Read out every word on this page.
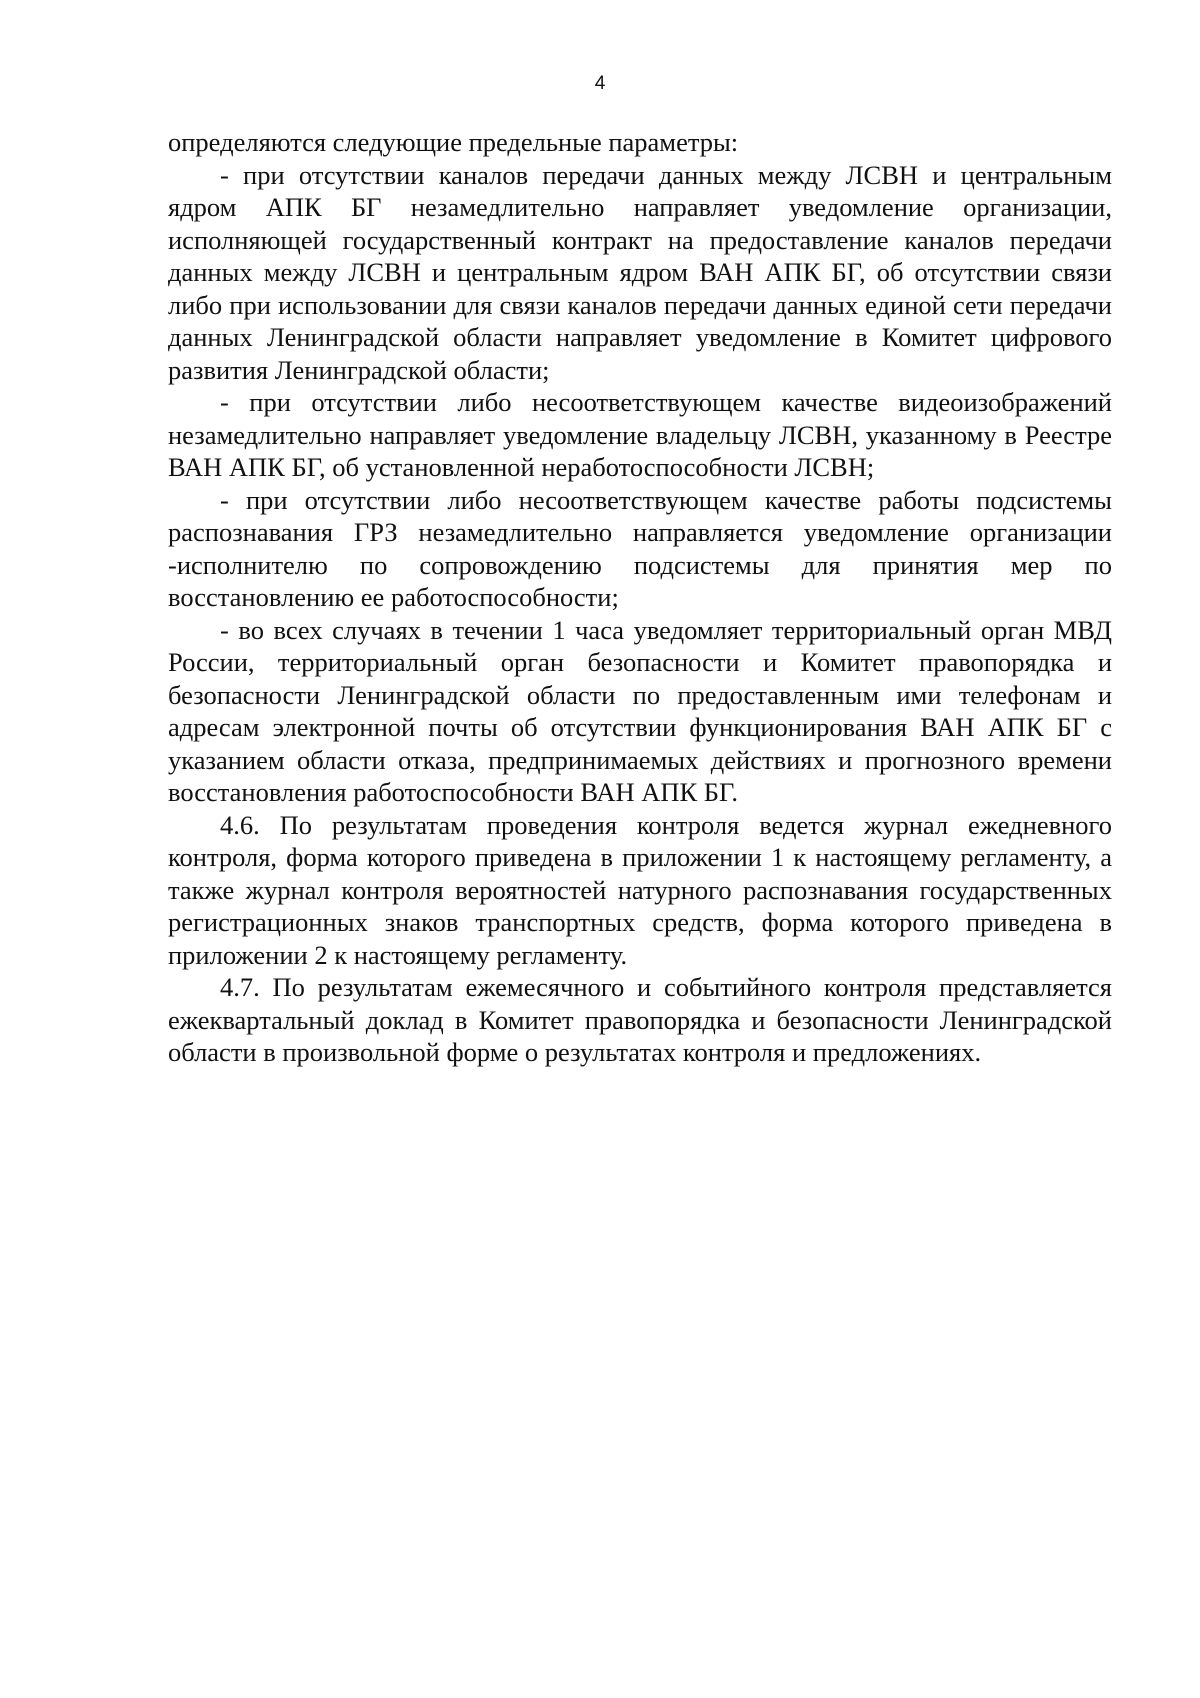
4

определяются следующие предельные параметры:

- при отсутствии каналов передачи данных между ЛСВН и центральным ядром АПК БГ незамедлительно направляет уведомление организации, исполняющей государственный контракт на предоставление каналов передачи данных между ЛСВН и центральным ядром ВАН АПК БГ, об отсутствии связи либо при использовании для связи каналов передачи данных единой сети передачи данных Ленинградской области направляет уведомление в Комитет цифрового развития Ленинградской области;

- при отсутствии либо несоответствующем качестве видеоизображений незамедлительно направляет уведомление владельцу ЛСВН, указанному в Реестре ВАН АПК БГ, об установленной неработоспособности ЛСВН;

- при отсутствии либо несоответствующем качестве работы подсистемы распознавания ГРЗ незамедлительно направляется уведомление организации -исполнителю по сопровождению подсистемы для принятия мер по восстановлению ее работоспособности;

- во всех случаях в течении 1 часа уведомляет территориальный орган МВД России, территориальный орган безопасности и Комитет правопорядка и безопасности Ленинградской области по предоставленным ими телефонам и адресам электронной почты об отсутствии функционирования ВАН АПК БГ с указанием области отказа, предпринимаемых действиях и прогнозного времени восстановления работоспособности ВАН АПК БГ.

4.6. По результатам проведения контроля ведется журнал ежедневного контроля, форма которого приведена в приложении 1 к настоящему регламенту, а также журнал контроля вероятностей натурного распознавания государственных регистрационных знаков транспортных средств, форма которого приведена в приложении 2 к настоящему регламенту.

4.7. По результатам ежемесячного и событийного контроля представляется ежеквартальный доклад в Комитет правопорядка и безопасности Ленинградской области в произвольной форме о результатах контроля и предложениях.
